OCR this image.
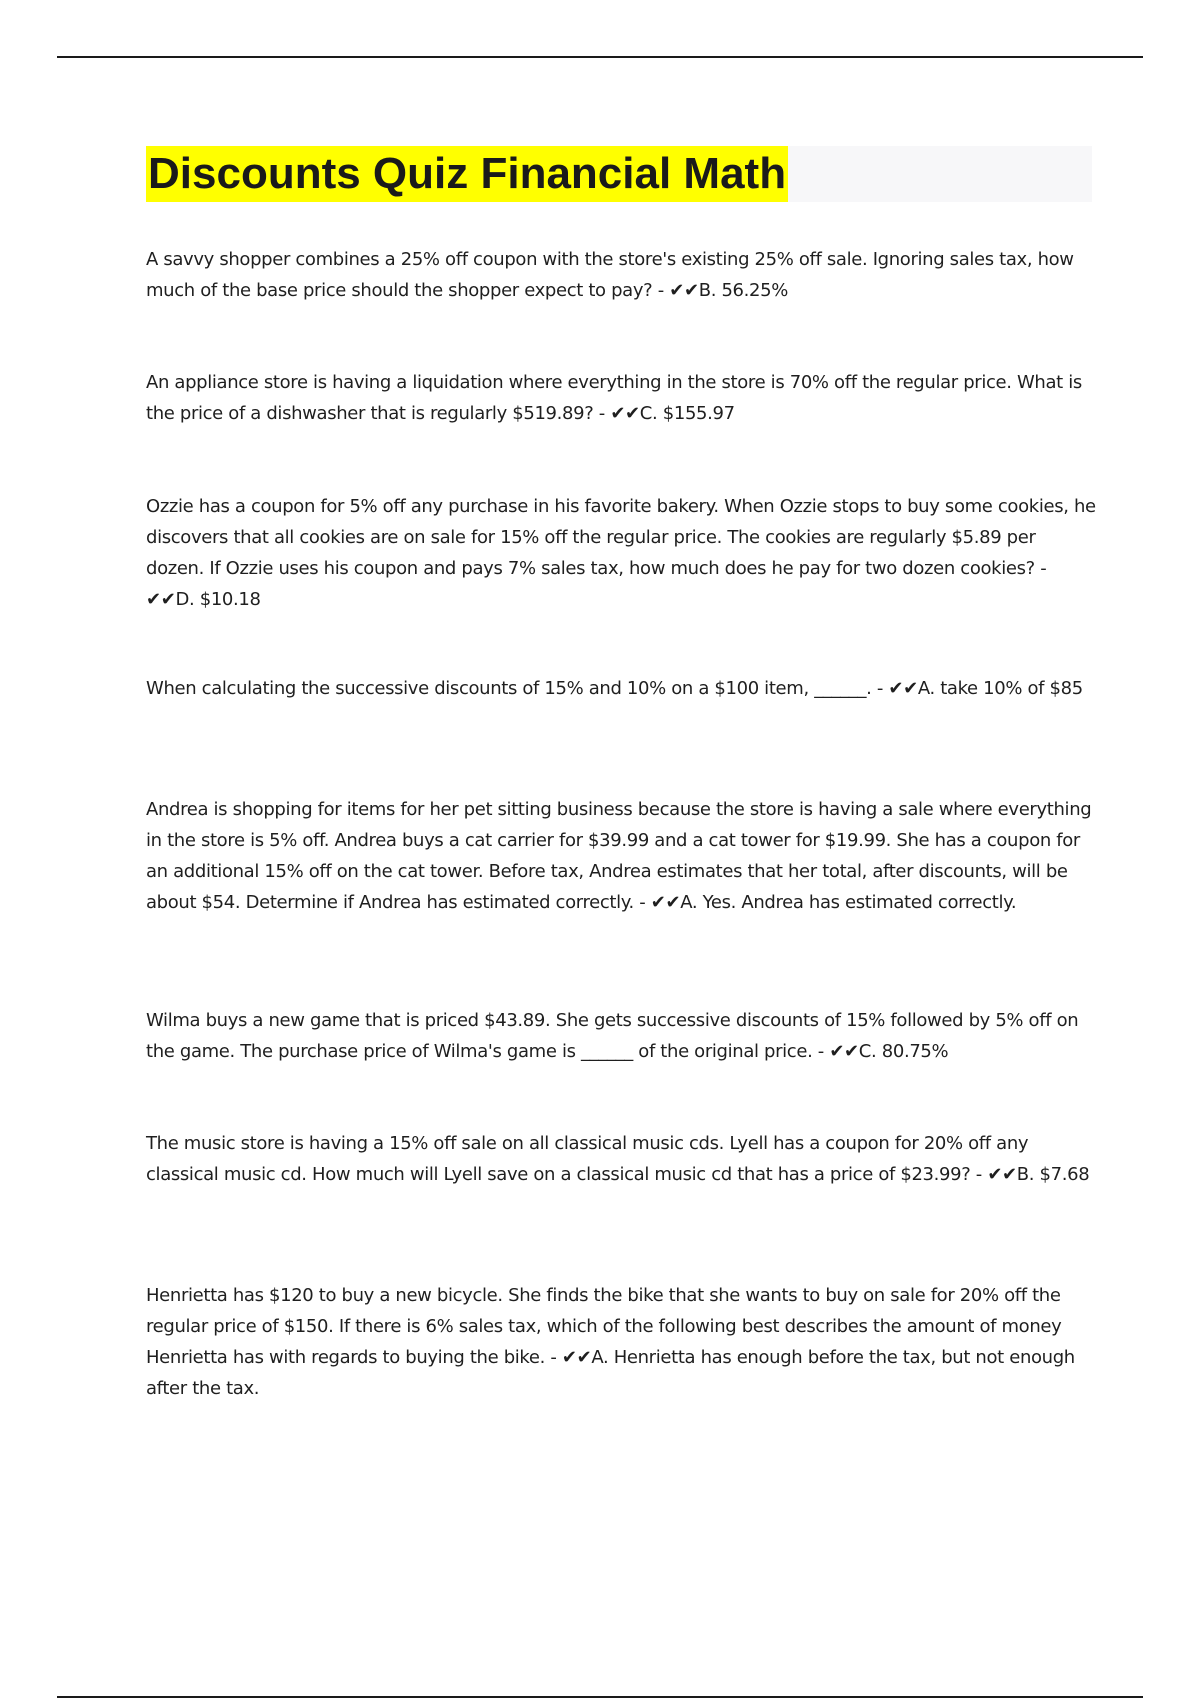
Discounts Quiz Financial Math

A savvy shopper combines a 25% off coupon with the store's existing 25% off sale. Ignoring sales tax, how much of the base price should the shopper expect to pay? - ✔✔B. 56.25%

An appliance store is having a liquidation where everything in the store is 70% off the regular price. What is the price of a dishwasher that is regularly $519.89? - ✔✔C. $155.97

Ozzie has a coupon for 5% off any purchase in his favorite bakery. When Ozzie stops to buy some cookies, he discovers that all cookies are on sale for 15% off the regular price. The cookies are regularly $5.89 per dozen. If Ozzie uses his coupon and pays 7% sales tax, how much does he pay for two dozen cookies? - ✔✔D. $10.18

When calculating the successive discounts of 15% and 10% on a $100 item, ______. - ✔✔A. take 10% of $85

Andrea is shopping for items for her pet sitting business because the store is having a sale where everything in the store is 5% off. Andrea buys a cat carrier for $39.99 and a cat tower for $19.99. She has a coupon for an additional 15% off on the cat tower. Before tax, Andrea estimates that her total, after discounts, will be about $54. Determine if Andrea has estimated correctly. - ✔✔A. Yes. Andrea has estimated correctly.

Wilma buys a new game that is priced $43.89. She gets successive discounts of 15% followed by 5% off on the game. The purchase price of Wilma's game is ______ of the original price. - ✔✔C. 80.75%

The music store is having a 15% off sale on all classical music cds. Lyell has a coupon for 20% off any classical music cd. How much will Lyell save on a classical music cd that has a price of $23.99? - ✔✔B. $7.68

Henrietta has $120 to buy a new bicycle. She finds the bike that she wants to buy on sale for 20% off the regular price of $150. If there is 6% sales tax, which of the following best describes the amount of money Henrietta has with regards to buying the bike. - ✔✔A. Henrietta has enough before the tax, but not enough after the tax.
